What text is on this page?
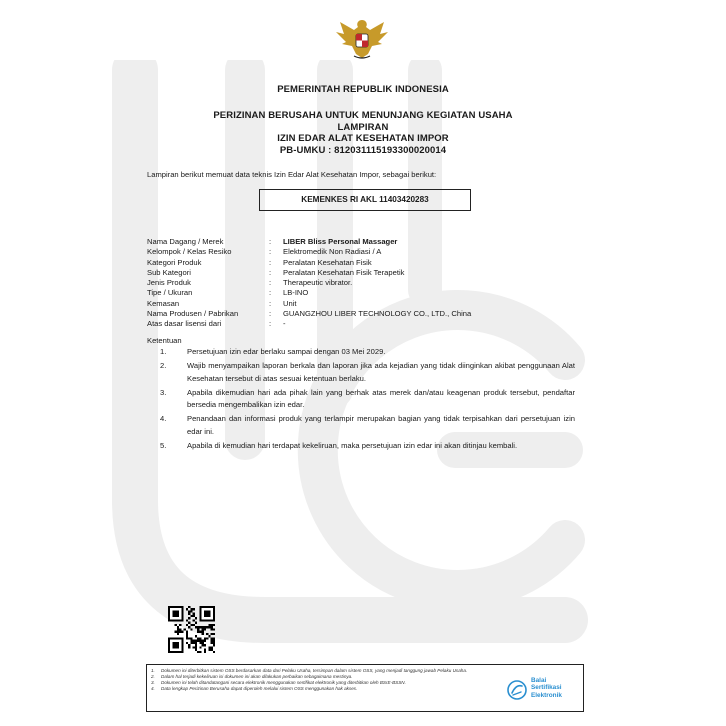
PEMERINTAH REPUBLIK INDONESIA
PERIZINAN BERUSAHA UNTUK MENUNJANG KEGIATAN USAHA
LAMPIRAN
IZIN EDAR ALAT KESEHATAN IMPOR
PB-UMKU : 812031115193300020014
Lampiran berikut memuat data teknis Izin Edar Alat Kesehatan Impor, sebagai berikut:
KEMENKES RI AKL 11403420283
Nama Dagang / Merek	: LIBER Bliss Personal Massager
Kelompok / Kelas Resiko	: Elektromedik Non Radiasi / A
Kategori Produk	: Peralatan Kesehatan Fisik
Sub Kategori	: Peralatan Kesehatan Fisik Terapetik
Jenis Produk	: Therapeutic vibrator.
Tipe / Ukuran	: LB-INO
Kemasan	: Unit
Nama Produsen / Pabrikan	: GUANGZHOU LIBER TECHNOLOGY CO., LTD., China
Atas dasar lisensi dari	: -
Ketentuan
1.	Persetujuan izin edar berlaku sampai dengan 03 Mei 2029.
2.	Wajib menyampaikan laporan berkala dan laporan jika ada kejadian yang tidak diinginkan akibat penggunaan Alat Kesehatan tersebut di atas sesuai ketentuan berlaku.
3.	Apabila dikemudian hari ada pihak lain yang berhak atas merek dan/atau keagenan produk tersebut, pendaftar bersedia mengembalikan izin edar.
4.	Penandaan dan informasi produk yang terlampir merupakan bagian yang tidak terpisahkan dari persetujuan izin edar ini.
5.	Apabila di kemudian hari terdapat kekeliruan, maka persetujuan izin edar ini akan ditinjau kembali.
1. Dokumen ini diterbitkan sistem OSS berdasarkan data dari Pelaku Usaha, tersimpan dalam sistem OSS, yang menjadi tanggung jawab Pelaku Usaha.
2. Dalam hal terjadi kekeliruan isi dokumen ini akan dilakukan perbaikan sebagaimana mestinya.
3. Dokumen ini telah ditandatangani secara elektronik menggunakan sertifikat elektronik yang diterbitkan oleh BSrE-BSSN.
4. Data lengkap Perizinan Berusaha dapat diperoleh melalui sistem OSS menggunakan hak akses.
Balai
Sertifikasi
Elektronik
